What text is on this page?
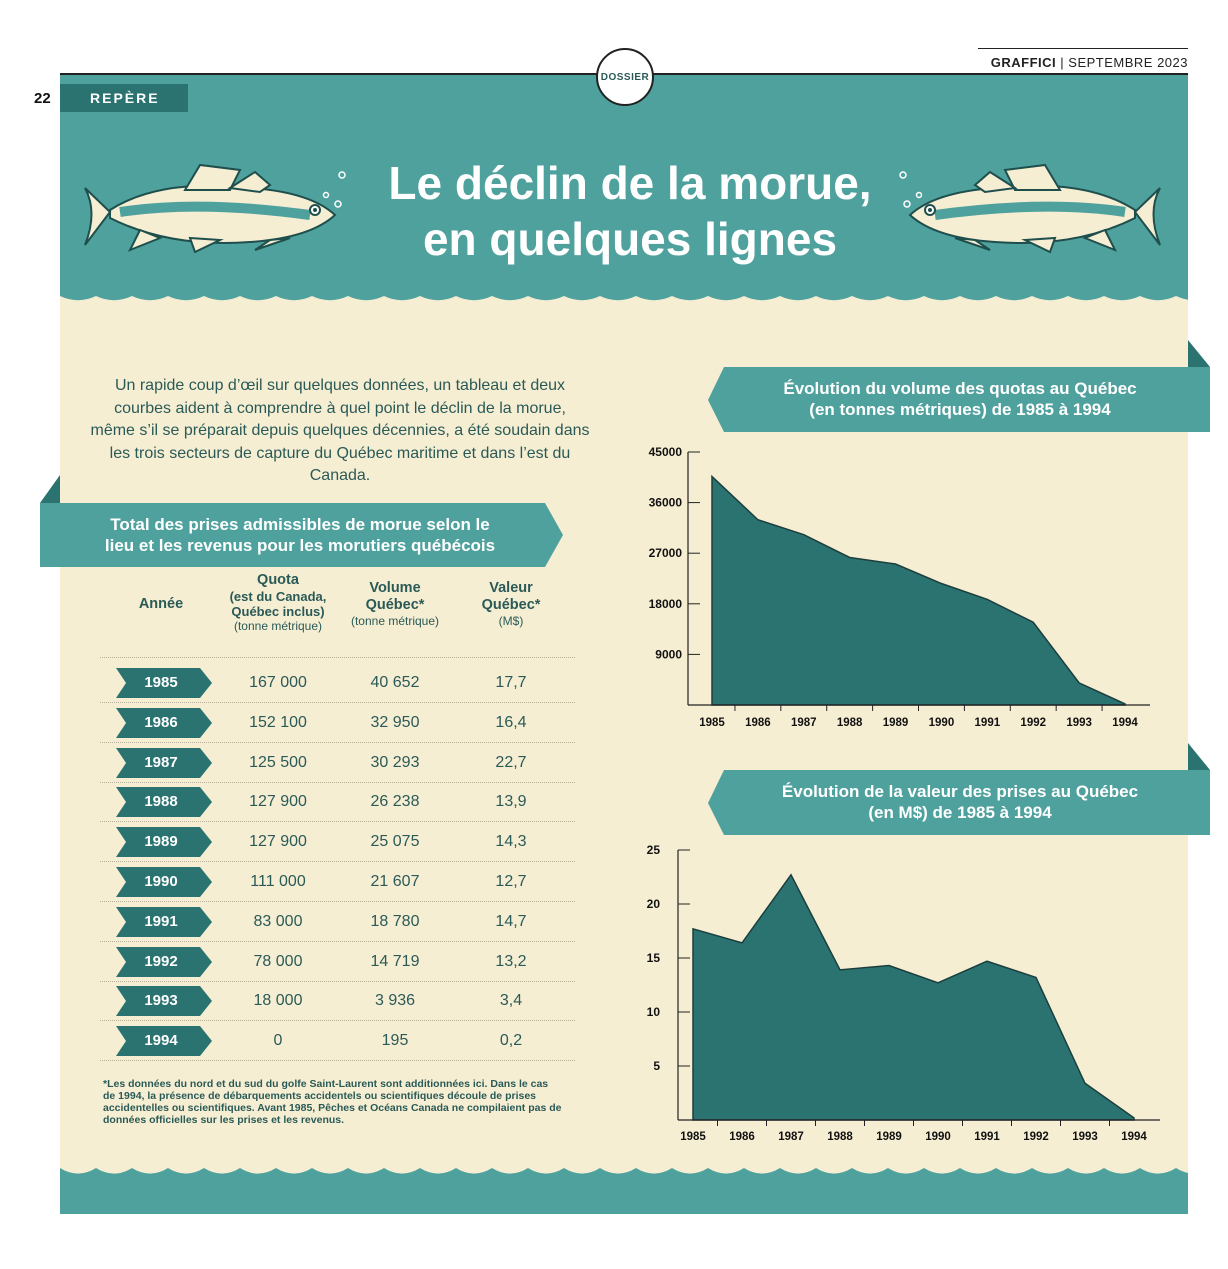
22
GRAFFICI | SEPTEMBRE 2023
DOSSIER
REPÈRE
Le déclin de la morue,
en quelques lignes
Un rapide coup d’œil sur quelques données, un tableau et deux courbes aident à comprendre à quel point le déclin de la morue, même s’il se préparait depuis quelques décennies, a été soudain dans les trois secteurs de capture du Québec maritime et dans l’est du Canada.
Total des prises admissibles de morue selon le
lieu et les revenus pour les morutiers québécois
Année
Quota
(est du Canada, Québec inclus)
(tonne métrique)
Volume Québec*
(tonne métrique)
Valeur Québec*
(M$)
1985	167 000	40 652	17,7
1986	152 100	32 950	16,4
1987	125 500	30 293	22,7
1988	127 900	26 238	13,9
1989	127 900	25 075	14,3
1990	111 000	21 607	12,7
1991	83 000	18 780	14,7
1992	78 000	14 719	13,2
1993	18 000	3 936	3,4
1994	0	195	0,2
*Les données du nord et du sud du golfe Saint-Laurent sont additionnées ici. Dans le cas de 1994, la présence de débarquements accidentels ou scientifiques découle de prises accidentelles ou scientifiques. Avant 1985, Pêches et Océans Canada ne compilaient pas de données officielles sur les prises et les revenus.
Évolution du volume des quotas au Québec
(en tonnes métriques) de 1985 à 1994
Évolution de la valeur des prises au Québec
(en M$) de 1985 à 1994
9000
18000
27000
36000
45000
1985 1986 1987 1988 1989 1990 1991 1992 1993 1994
5
10
15
20
25
1985 1986 1987 1988 1989 1990 1991 1992 1993 1994
